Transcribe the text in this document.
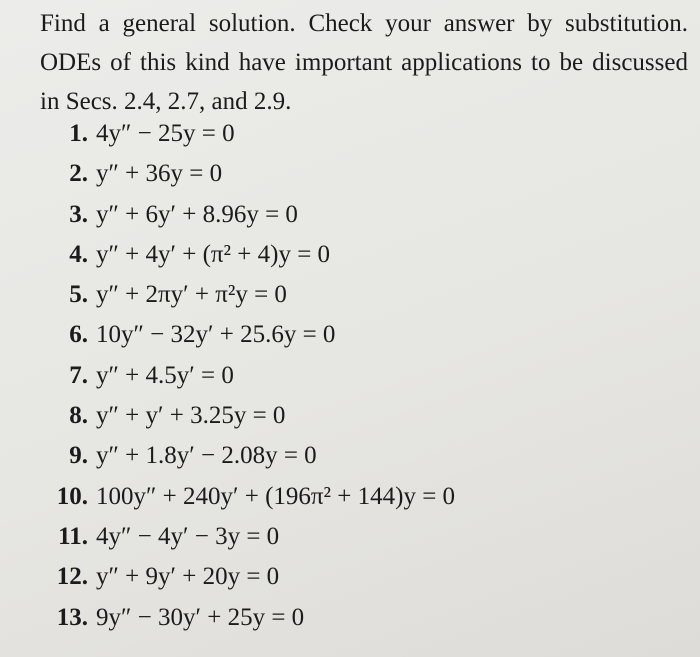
Find a general solution. Check your answer by substitution. ODEs of this kind have important applications to be discussed in Secs. 2.4, 2.7, and 2.9.

1. 4y″ − 25y = 0
2. y″ + 36y = 0
3. y″ + 6y′ + 8.96y = 0
4. y″ + 4y′ + (π² + 4)y = 0
5. y″ + 2πy′ + π²y = 0
6. 10y″ − 32y′ + 25.6y = 0
7. y″ + 4.5y′ = 0
8. y″ + y′ + 3.25y = 0
9. y″ + 1.8y′ − 2.08y = 0
10. 100y″ + 240y′ + (196π² + 144)y = 0
11. 4y″ − 4y′ − 3y = 0
12. y″ + 9y′ + 20y = 0
13. 9y″ − 30y′ + 25y = 0
